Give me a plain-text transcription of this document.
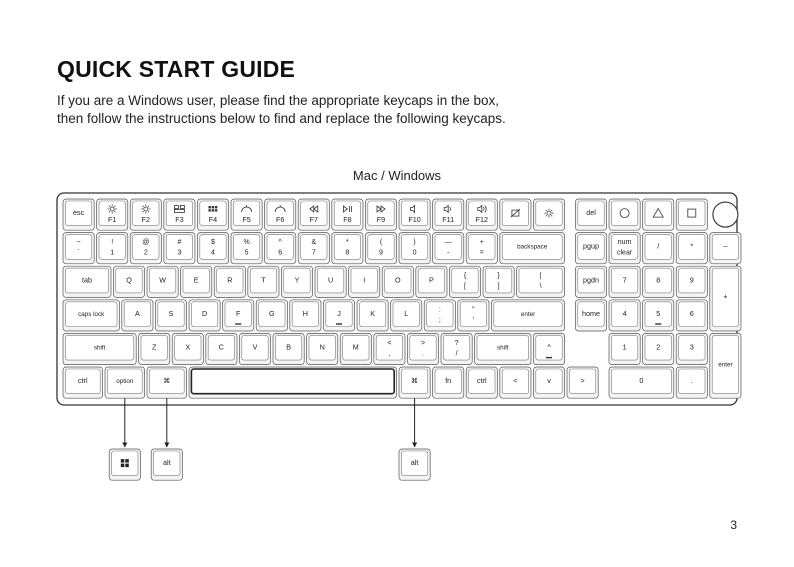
QUICK START GUIDE
If you are a Windows user, please find the appropriate keycaps in the box,
then follow the instructions below to find and replace the following keycaps.
Mac / Windows
3
esc
F1	F2	F3	F4	F5	F6	F7	F8	F9	F10	F11	F12
del
~
`
!
1
@
2
#
3
$
4
%
5
^
6
&
7
*
8
(
9
)
0
—
-
+
=
backspace	pgup	num
clear
/	*	–
tab	Q	W	E	R	T	Y	U	I	O	P	{
[
}
]
|
\
pgdn	7	8	9
+
caps lock	A	S	D	F	G	H	J	K	L	:
;
"
'
enter	home	4	5	6
shift	Z	X	C	V	B	N	M	<
,
>
.
?
/
shift	^	1	2	3
enter
ctrl	option	⌘	⌘	fn	ctrl	<	v	>	0	.
alt	alt
